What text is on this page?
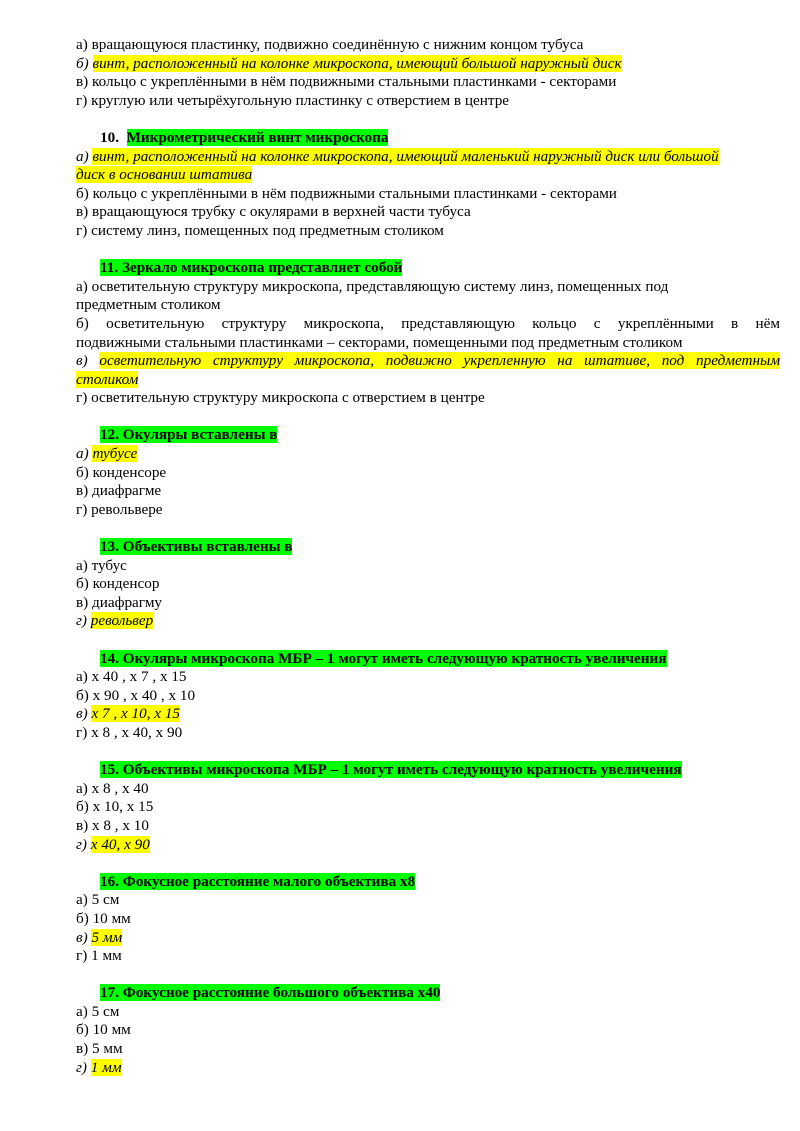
а) вращающуюся пластинку, подвижно соединённую с нижним концом тубуса

б) винт, расположенный на колонке микроскопа, имеющий большой наружный диск

в) кольцо с укреплёнными в нём подвижными стальными пластинками - секторами

г) круглую или четырёхугольную пластинку с отверстием в центре

10. Микрометрический винт микроскопа

а) винт, расположенный на колонке микроскопа, имеющий маленький наружный диск или большой

диск в основании штатива

б) кольцо с укреплёнными в нём подвижными стальными пластинками - секторами

в) вращающуюся трубку с окулярами в верхней части тубуса

г) систему линз, помещенных под предметным столиком

11. Зеркало микроскопа представляет собой

а) осветительную структуру микроскопа, представляющую систему линз, помещенных под

предметным столиком

б) осветительную структуру микроскопа, представляющую кольцо с укреплёнными в нём

подвижными стальными пластинками – секторами, помещенными под предметным столиком

в) осветительную структуру микроскопа, подвижно укрепленную на штативе, под предметным

столиком

г) осветительную структуру микроскопа с отверстием в центре

12. Окуляры вставлены в

а) тубусе

б) конденсоре

в) диафрагме

г) револьвере

13. Объективы вставлены в

а) тубус

б) конденсор

в) диафрагму

г) револьвер

14. Окуляры микроскопа МБР – 1 могут иметь следующую кратность увеличения

а) х 40 , х 7 , х 15

б) х 90 , х 40 , х 10

в) х 7 , х 10, х 15

г) х 8 , х 40, х 90

15. Объективы микроскопа МБР – 1 могут иметь следующую кратность увеличения

а) х 8 , х 40

б) х 10, х 15

в) х 8 , х 10

г) х 40, х 90

16. Фокусное расстояние малого объектива х8

а) 5 см

б) 10 мм

в) 5 мм

г) 1 мм

17. Фокусное расстояние большого объектива х40

а) 5 см

б) 10 мм

в) 5 мм

г) 1 мм
